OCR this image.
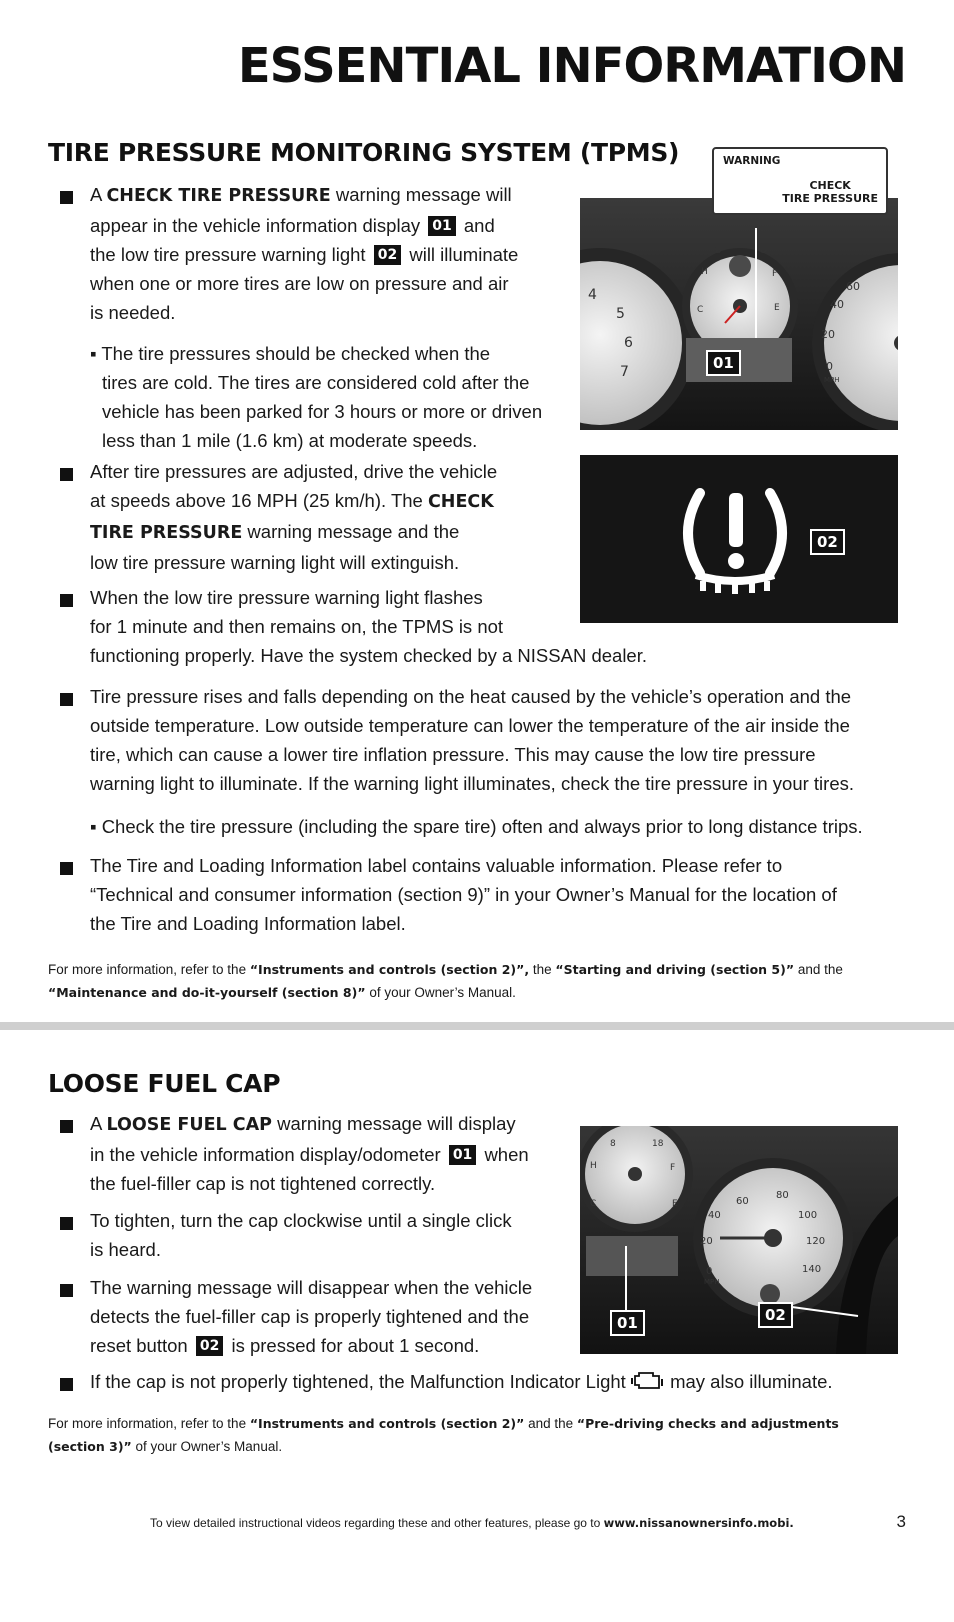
ESSENTIAL INFORMATION
TIRE PRESSURE MONITORING SYSTEM (TPMS)
A CHECK TIRE PRESSURE warning message will
appear in the vehicle information display 01 and
the low tire pressure warning light 02 will illuminate
when one or more tires are low on pressure and air
is needed.
▪ The tire pressures should be checked when the
tires are cold. The tires are considered cold after the
vehicle has been parked for 3 hours or more or driven
less than 1 mile (1.6 km) at moderate speeds.
After tire pressures are adjusted, drive the vehicle
at speeds above 16 MPH (25 km/h). The CHECK
TIRE PRESSURE warning message and the
low tire pressure warning light will extinguish.
When the low tire pressure warning light flashes
for 1 minute and then remains on, the TPMS is not
functioning properly. Have the system checked by a NISSAN dealer.
Tire pressure rises and falls depending on the heat caused by the vehicle’s operation and the
outside temperature. Low outside temperature can lower the temperature of the air inside the
tire, which can cause a lower tire inflation pressure. This may cause the low tire pressure
warning light to illuminate. If the warning light illuminates, check the tire pressure in your tires.
▪ Check the tire pressure (including the spare tire) often and always prior to long distance trips.
The Tire and Loading Information label contains valuable information. Please refer to
“Technical and consumer information (section 9)” in your Owner’s Manual for the location of
the Tire and Loading Information label.
For more information, refer to the “Instruments and controls (section 2)”, the “Starting and driving (section 5)” and the
“Maintenance and do-it-yourself (section 8)” of your Owner’s Manual.
4
5
6
7
H
8	8
C
F
E
60
40
20
0
MPH
01
WARNING
CHECK
TIRE PRESSURE
02
LOOSE FUEL CAP
A LOOSE FUEL CAP warning message will display
in the vehicle information display/odometer 01 when
the fuel-filler cap is not tightened correctly.
To tighten, turn the cap clockwise until a single click
is heard.
The warning message will disappear when the vehicle
detects the fuel-filler cap is properly tightened and the
reset button 02 is pressed for about 1 second.
If the cap is not properly tightened, the Malfunction Indicator Light may also illuminate.
H
8	18
C
F
E	60
80
40	100
20	120
0	140
MPH
01	02
For more information, refer to the “Instruments and controls (section 2)” and the “Pre-driving checks and adjustments
(section 3)” of your Owner’s Manual.
To view detailed instructional videos regarding these and other features, please go to www.nissanownersinfo.mobi.	3
